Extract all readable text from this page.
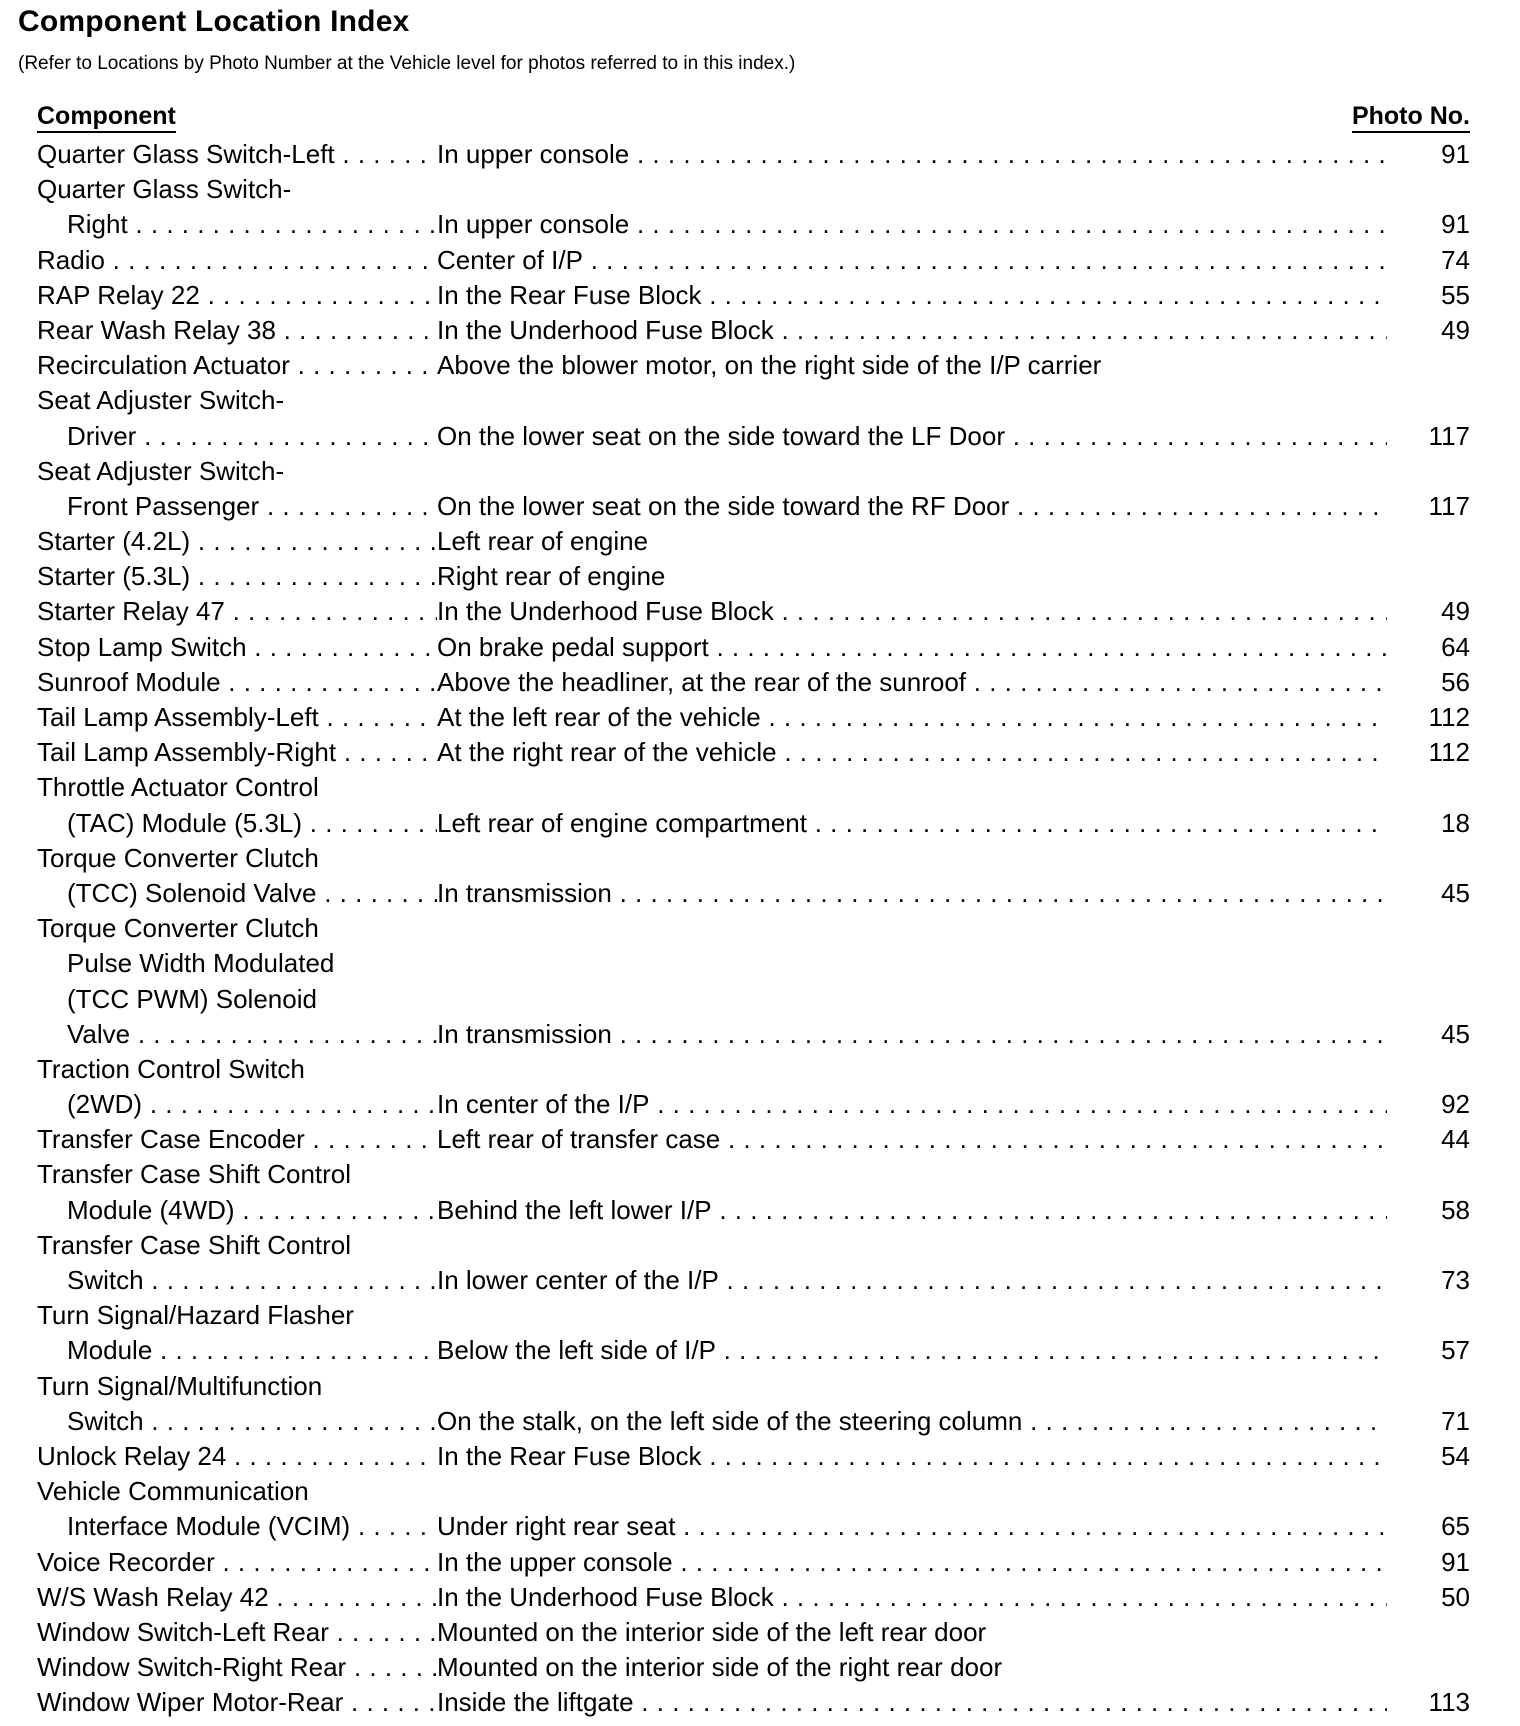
Component Location Index
(Refer to Locations by Photo Number at the Vehicle level for photos referred to in this index.)
Component	Photo No.
Quarter Glass Switch-Left . . .	In upper console . . .	91
Quarter Glass Switch-
Right . . .	In upper console . . .	91
Radio . . .	Center of I/P . . .	74
RAP Relay 22 . . .	In the Rear Fuse Block . . .	55
Rear Wash Relay 38 . . .	In the Underhood Fuse Block . . .	49
Recirculation Actuator . . .	Above the blower motor, on the right side of the I/P carrier
Seat Adjuster Switch-
Driver . . .	On the lower seat on the side toward the LF Door . . .	117
Seat Adjuster Switch-
Front Passenger . . .	On the lower seat on the side toward the RF Door . . .	117
Starter (4.2L) . . .	Left rear of engine
Starter (5.3L) . . .	Right rear of engine
Starter Relay 47 . . .	In the Underhood Fuse Block . . .	49
Stop Lamp Switch . . .	On brake pedal support . . .	64
Sunroof Module . . .	Above the headliner, at the rear of the sunroof . . .	56
Tail Lamp Assembly-Left . . .	At the left rear of the vehicle . . .	112
Tail Lamp Assembly-Right . . .	At the right rear of the vehicle . . .	112
Throttle Actuator Control
(TAC) Module (5.3L) . . .	Left rear of engine compartment . . .	18
Torque Converter Clutch
(TCC) Solenoid Valve . . .	In transmission . . .	45
Torque Converter Clutch
Pulse Width Modulated
(TCC PWM) Solenoid
Valve . . .	In transmission . . .	45
Traction Control Switch
(2WD) . . .	In center of the I/P . . .	92
Transfer Case Encoder . . .	Left rear of transfer case . . .	44
Transfer Case Shift Control
Module (4WD) . . .	Behind the left lower I/P . . .	58
Transfer Case Shift Control
Switch . . .	In lower center of the I/P . . .	73
Turn Signal/Hazard Flasher
Module . . .	Below the left side of I/P . . .	57
Turn Signal/Multifunction
Switch . . .	On the stalk, on the left side of the steering column . . .	71
Unlock Relay 24 . . .	In the Rear Fuse Block . . .	54
Vehicle Communication
Interface Module (VCIM) . . .	Under right rear seat . . .	65
Voice Recorder . . .	In the upper console . . .	91
W/S Wash Relay 42 . . .	In the Underhood Fuse Block . . .	50
Window Switch-Left Rear . . .	Mounted on the interior side of the left rear door
Window Switch-Right Rear . . .	Mounted on the interior side of the right rear door
Window Wiper Motor-Rear . . .	Inside the liftgate . . .	113
